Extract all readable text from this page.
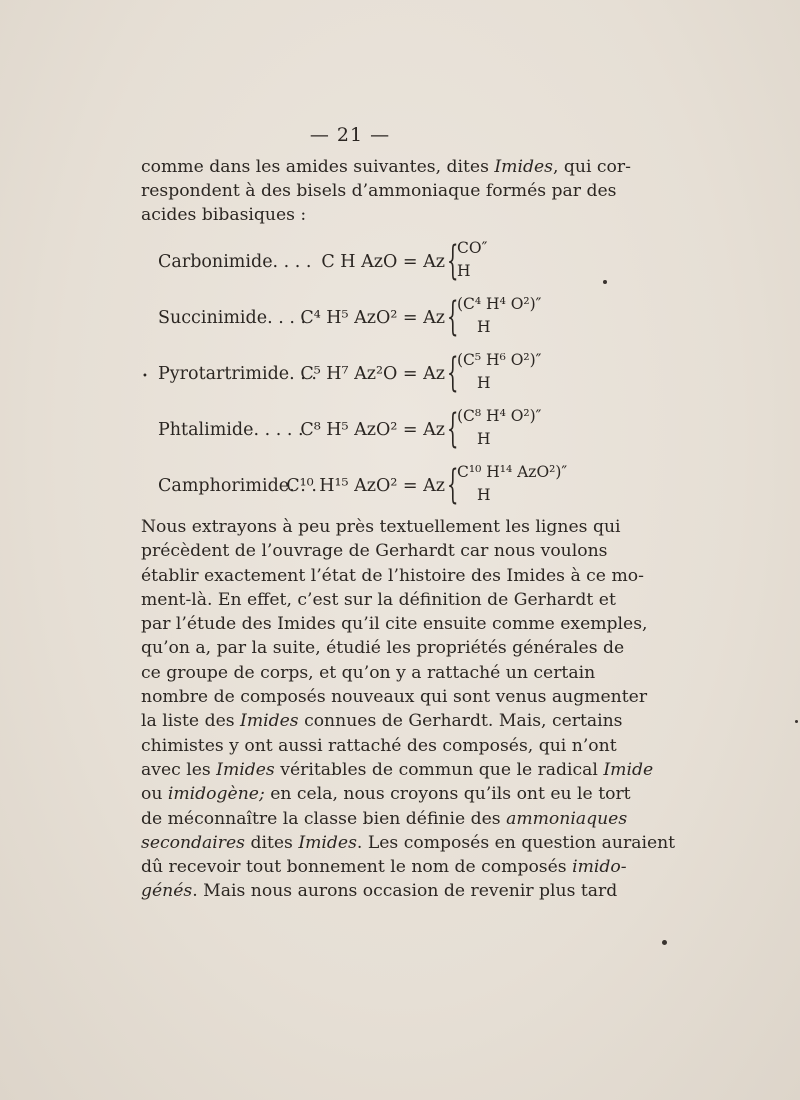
— 21 —
comme dans les amides suivantes, dites Imides, qui cor-
respondent à des bisels d’ammoniaque formés par des
acides bibasiques :
Carbonimide. . . . C H AzO = Az {
CO″
H
Succinimide. . . .
C⁴ H⁵ AzO² = Az {
(C⁴ H⁴ O²)″
H
• Pyrotartrimide. . .
C⁵ H⁷ Az²O = Az {
(C⁵ H⁶ O²)″
H
Phtalimide. . . . .
C⁸ H⁵ AzO² = Az {
(C⁸ H⁴ O²)″
H
Camphorimide. . .
C¹⁰ H¹⁵ AzO² = Az {
C¹⁰ H¹⁴ AzO²)″
H
Nous extrayons à peu près textuellement les lignes qui
précèdent de l’ouvrage de Gerhardt car nous voulons
établir exactement l’état de l’histoire des Imides à ce mo-
ment-là. En effet, c’est sur la définition de Gerhardt et
par l’étude des Imides qu’il cite ensuite comme exemples,
qu’on a, par la suite, étudié les propriétés générales de
ce groupe de corps, et qu’on y a rattaché un certain
nombre de composés nouveaux qui sont venus augmenter
la liste des Imides connues de Gerhardt. Mais, certains
chimistes y ont aussi rattaché des composés, qui n’ont
avec les Imides véritables de commun que le radical Imide
ou imidogène; en cela, nous croyons qu’ils ont eu le tort
de méconnaître la classe bien définie des ammoniaques
secondaires dites Imides. Les composés en question auraient
dû recevoir tout bonnement le nom de composés imido-
génés. Mais nous aurons occasion de revenir plus tard
